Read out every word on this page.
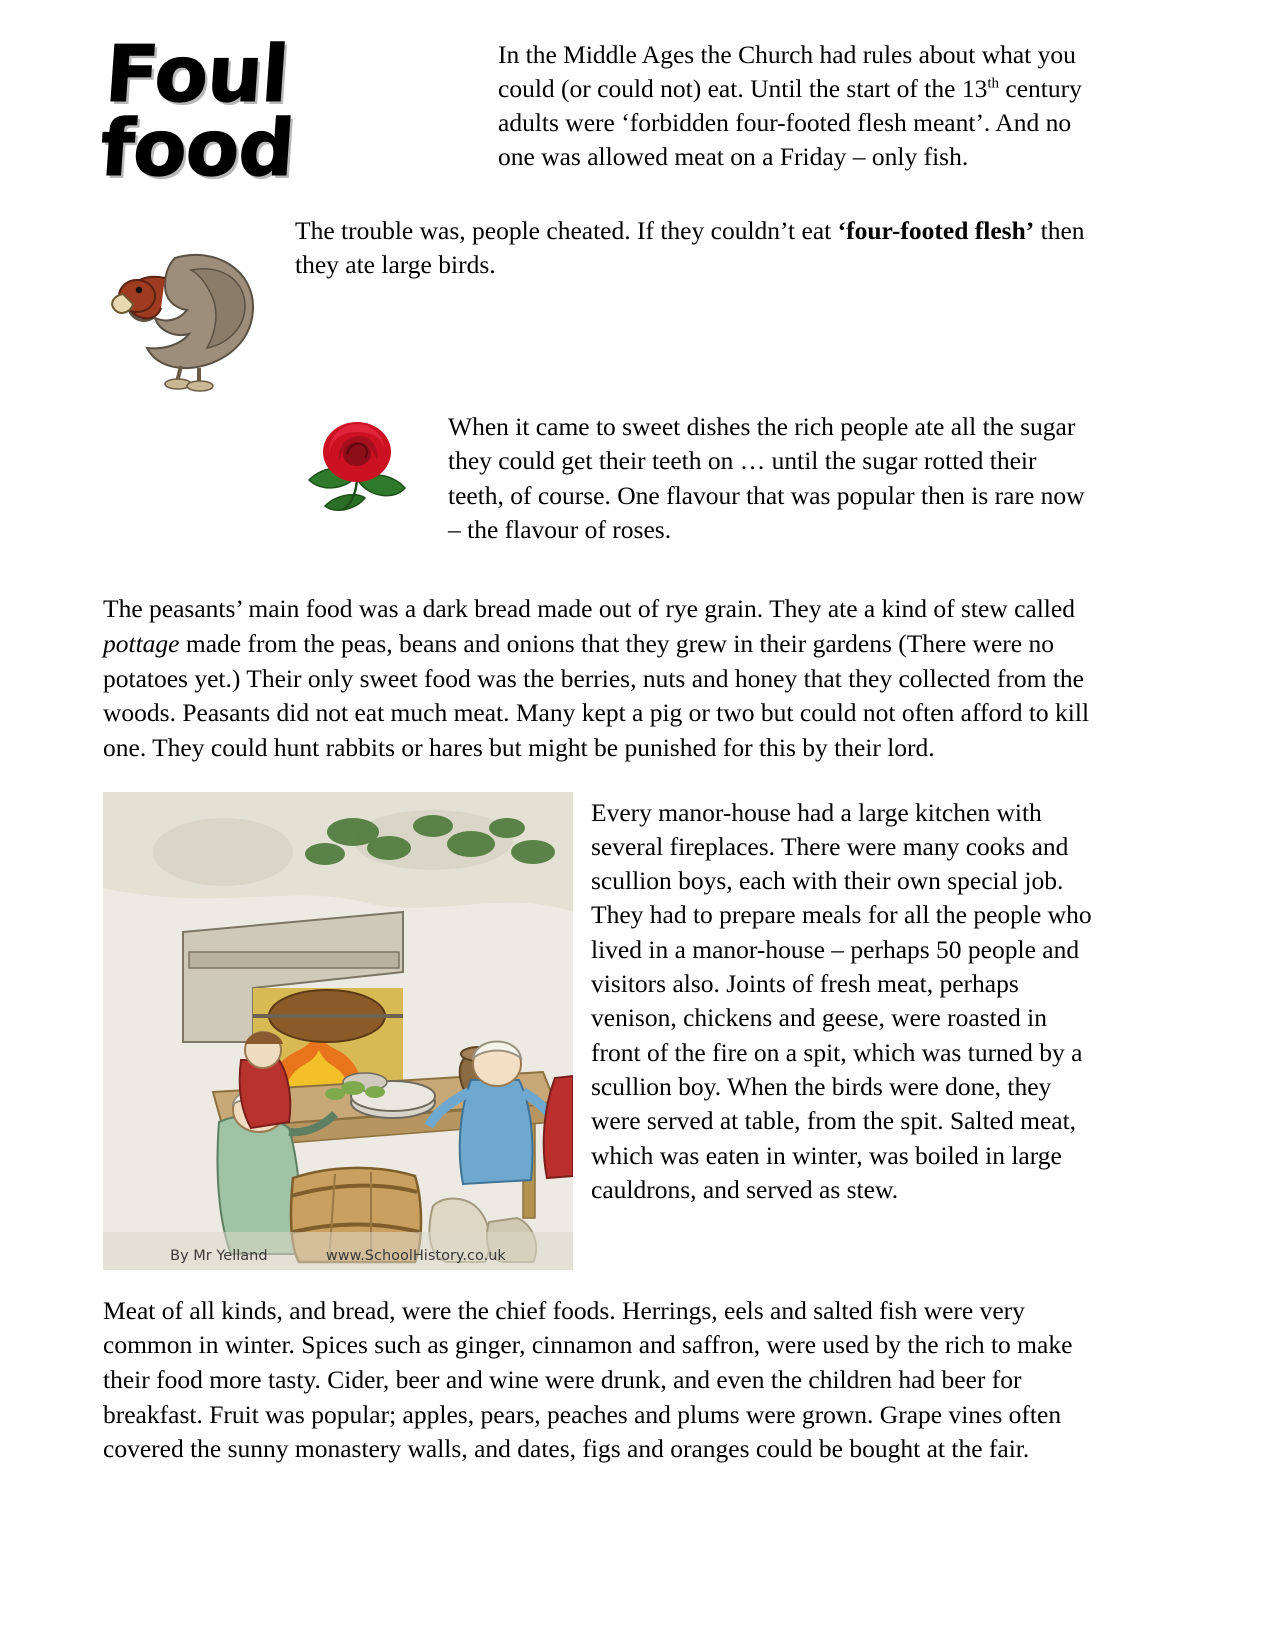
Foul food

In the Middle Ages the Church had rules about what you could (or could not) eat. Until the start of the 13th century adults were ‘forbidden four-footed flesh meant’. And no one was allowed meat on a Friday – only fish.

The trouble was, people cheated. If they couldn’t eat ‘four-footed flesh’ then they ate large birds.

When it came to sweet dishes the rich people ate all the sugar they could get their teeth on … until the sugar rotted their teeth, of course. One flavour that was popular then is rare now – the flavour of roses.

The peasants’ main food was a dark bread made out of rye grain. They ate a kind of stew called pottage made from the peas, beans and onions that they grew in their gardens (There were no potatoes yet.) Their only sweet food was the berries, nuts and honey that they collected from the woods. Peasants did not eat much meat. Many kept a pig or two but could not often afford to kill one. They could hunt rabbits or hares but might be punished for this by their lord.

By Mr Yelland	www.SchoolHistory.co.uk

Every manor-house had a large kitchen with several fireplaces. There were many cooks and scullion boys, each with their own special job. They had to prepare meals for all the people who lived in a manor-house – perhaps 50 people and visitors also. Joints of fresh meat, perhaps venison, chickens and geese, were roasted in front of the fire on a spit, which was turned by a scullion boy. When the birds were done, they were served at table, from the spit. Salted meat, which was eaten in winter, was boiled in large cauldrons, and served as stew.

Meat of all kinds, and bread, were the chief foods. Herrings, eels and salted fish were very common in winter. Spices such as ginger, cinnamon and saffron, were used by the rich to make their food more tasty. Cider, beer and wine were drunk, and even the children had beer for breakfast. Fruit was popular; apples, pears, peaches and plums were grown. Grape vines often covered the sunny monastery walls, and dates, figs and oranges could be bought at the fair.
